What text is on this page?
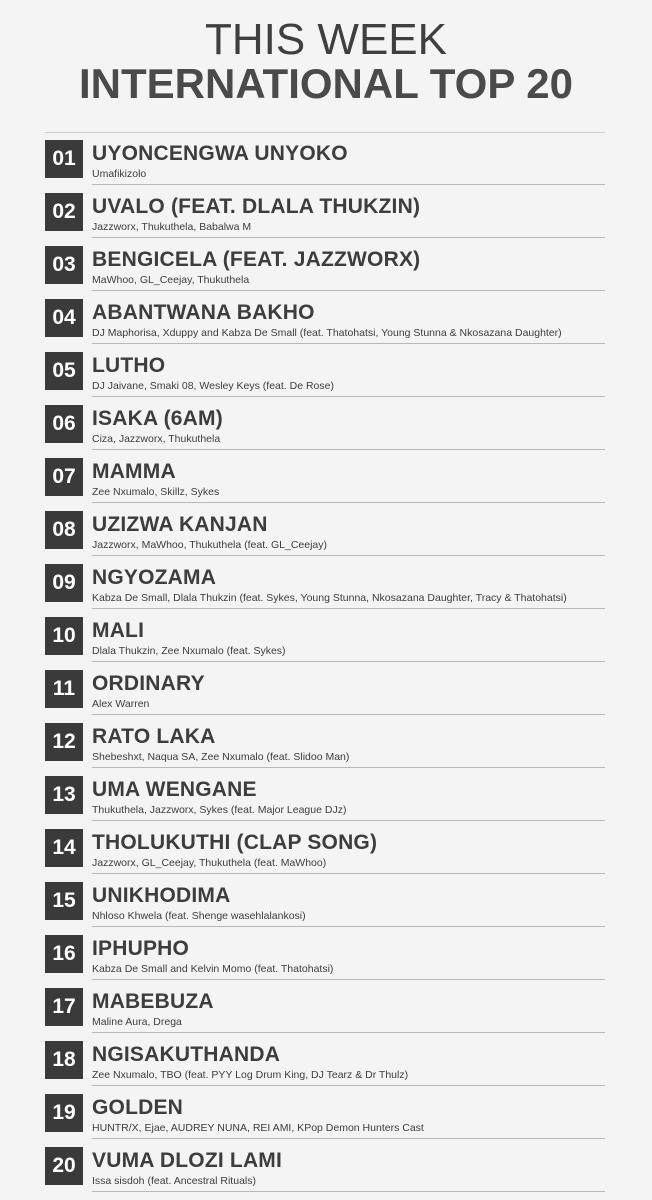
THIS WEEK
INTERNATIONAL TOP 20
01 UYONCENGWA UNYOKO
Umafikizolo
02 UVALO (FEAT. DLALA THUKZIN)
Jazzworx, Thukuthela, Babalwa M
03 BENGICELA (FEAT. JAZZWORX)
MaWhoo, GL_Ceejay, Thukuthela
04 ABANTWANA BAKHO
DJ Maphorisa, Xduppy and Kabza De Small (feat. Thatohatsi, Young Stunna & Nkosazana Daughter)
05 LUTHO
DJ Jaivane, Smaki 08, Wesley Keys (feat. De Rose)
06 ISAKA (6AM)
Ciza, Jazzworx, Thukuthela
07 MAMMA
Zee Nxumalo, Skillz, Sykes
08 UZIZWA KANJAN
Jazzworx, MaWhoo, Thukuthela (feat. GL_Ceejay)
09 NGYOZAMA
Kabza De Small, Dlala Thukzin (feat. Sykes, Young Stunna, Nkosazana Daughter, Tracy & Thatohatsi)
10 MALI
Dlala Thukzin, Zee Nxumalo (feat. Sykes)
11 ORDINARY
Alex Warren
12 RATO LAKA
Shebeshxt, Naqua SA, Zee Nxumalo (feat. Slidoo Man)
13 UMA WENGANE
Thukuthela, Jazzworx, Sykes (feat. Major League DJz)
14 THOLUKUTHI (CLAP SONG)
Jazzworx, GL_Ceejay, Thukuthela (feat. MaWhoo)
15 UNIKHODIMA
Nhloso Khwela (feat. Shenge wasehlalankosi)
16 IPHUPHO
Kabza De Small and Kelvin Momo (feat. Thatohatsi)
17 MABEBUZA
Maline Aura, Drega
18 NGISAKUTHANDA
Zee Nxumalo, TBO (feat. PYY Log Drum King, DJ Tearz & Dr Thulz)
19 GOLDEN
HUNTR/X, Ejae, AUDREY NUNA, REI AMI, KPop Demon Hunters Cast
20 VUMA DLOZI LAMI
Issa sisdoh (feat. Ancestral Rituals)
